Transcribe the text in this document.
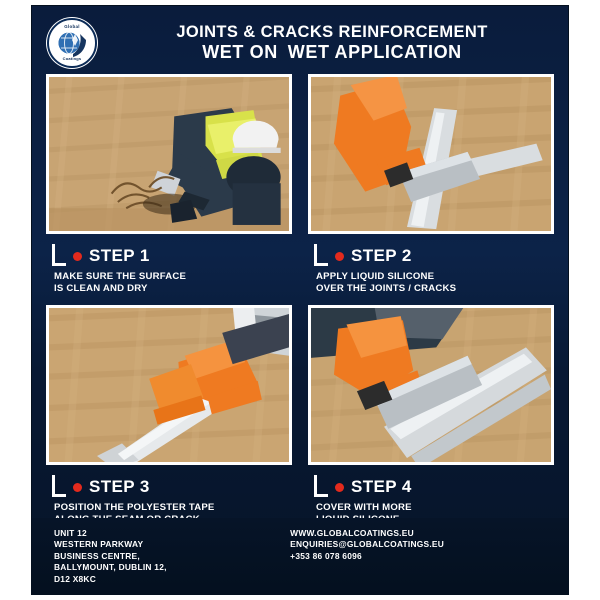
Global
Coatings
JOINTS & CRACKS REINFORCEMENT
WET ON WET APPLICATION
STEP 1
MAKE SURE THE SURFACE
IS CLEAN AND DRY
STEP 2
APPLY LIQUID SILICONE
OVER THE JOINTS / CRACKS
STEP 3
POSITION THE POLYESTER TAPE
STEP 4
COVER WITH MORE
UNIT 12
WESTERN PARKWAY
BUSINESS CENTRE,
BALLYMOUNT, DUBLIN 12,
D12 X8KC
WWW.GLOBALCOATINGS.EU
ENQUIRIES@GLOBALCOATINGS.EU
+353 86 078 6096
